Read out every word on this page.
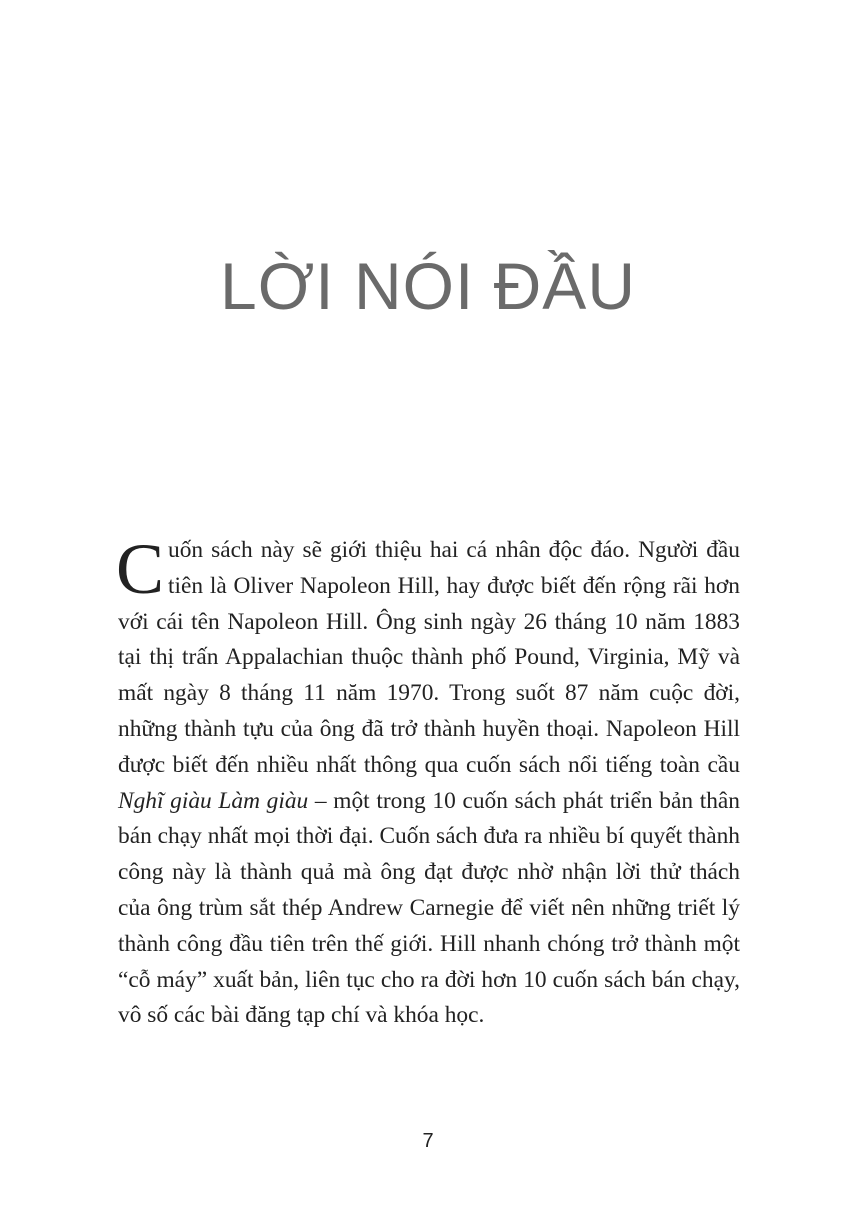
LỜI NÓI ĐẦU

Cuốn sách này sẽ giới thiệu hai cá nhân độc đáo. Người đầu tiên là Oliver Napoleon Hill, hay được biết đến rộng rãi hơn với cái tên Napoleon Hill. Ông sinh ngày 26 tháng 10 năm 1883 tại thị trấn Appalachian thuộc thành phố Pound, Virginia, Mỹ và mất ngày 8 tháng 11 năm 1970. Trong suốt 87 năm cuộc đời, những thành tựu của ông đã trở thành huyền thoại. Napoleon Hill được biết đến nhiều nhất thông qua cuốn sách nổi tiếng toàn cầu Nghĩ giàu Làm giàu – một trong 10 cuốn sách phát triển bản thân bán chạy nhất mọi thời đại. Cuốn sách đưa ra nhiều bí quyết thành công này là thành quả mà ông đạt được nhờ nhận lời thử thách của ông trùm sắt thép Andrew Carnegie để viết nên những triết lý thành công đầu tiên trên thế giới. Hill nhanh chóng trở thành một “cỗ máy” xuất bản, liên tục cho ra đời hơn 10 cuốn sách bán chạy, vô số các bài đăng tạp chí và khóa học.

7
